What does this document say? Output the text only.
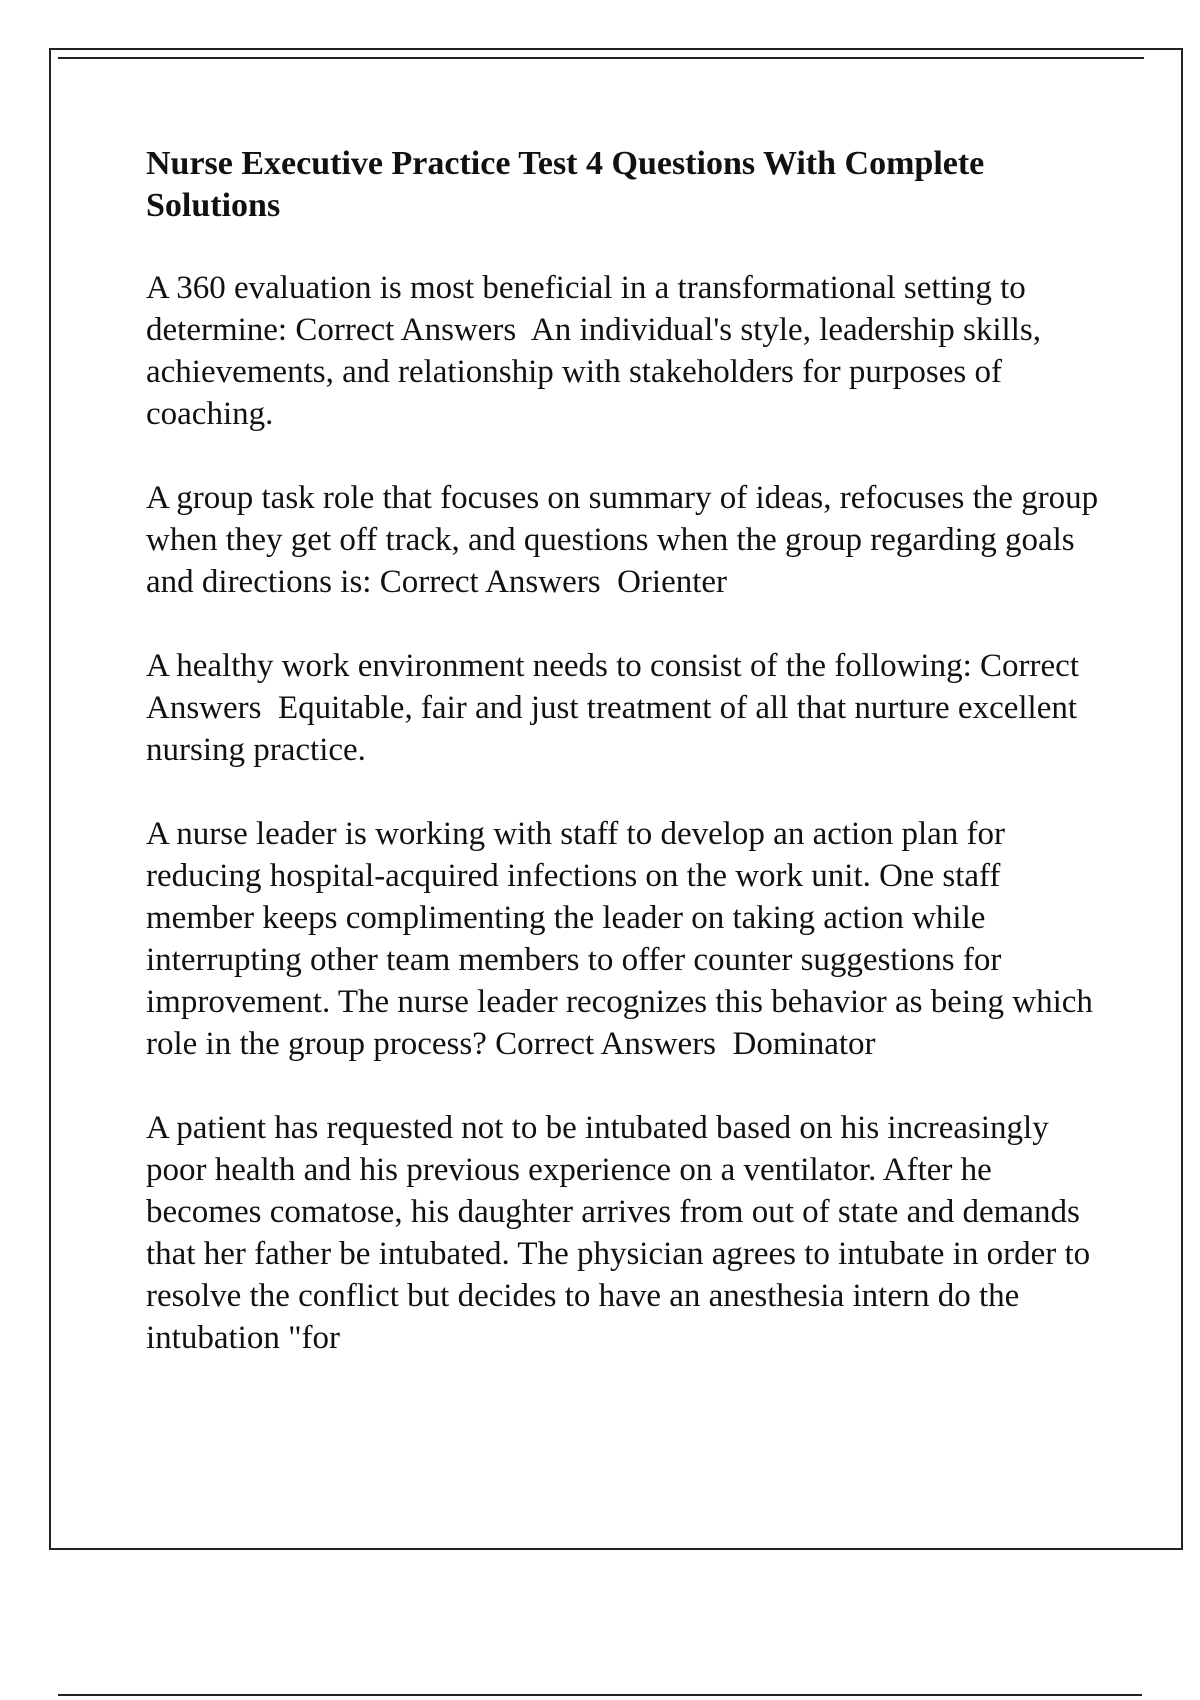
Nurse Executive Practice Test 4 Questions With Complete Solutions

A 360 evaluation is most beneficial in a transformational setting to determine: Correct Answers An individual's style, leadership skills, achievements, and relationship with stakeholders for purposes of coaching.

A group task role that focuses on summary of ideas, refocuses the group when they get off track, and questions when the group regarding goals and directions is: Correct Answers Orienter

A healthy work environment needs to consist of the following: Correct Answers Equitable, fair and just treatment of all that nurture excellent nursing practice.

A nurse leader is working with staff to develop an action plan for reducing hospital-acquired infections on the work unit. One staff member keeps complimenting the leader on taking action while interrupting other team members to offer counter suggestions for improvement. The nurse leader recognizes this behavior as being which role in the group process? Correct Answers Dominator

A patient has requested not to be intubated based on his increasingly poor health and his previous experience on a ventilator. After he becomes comatose, his daughter arrives from out of state and demands that her father be intubated. The physician agrees to intubate in order to resolve the conflict but decides to have an anesthesia intern do the intubation "for
